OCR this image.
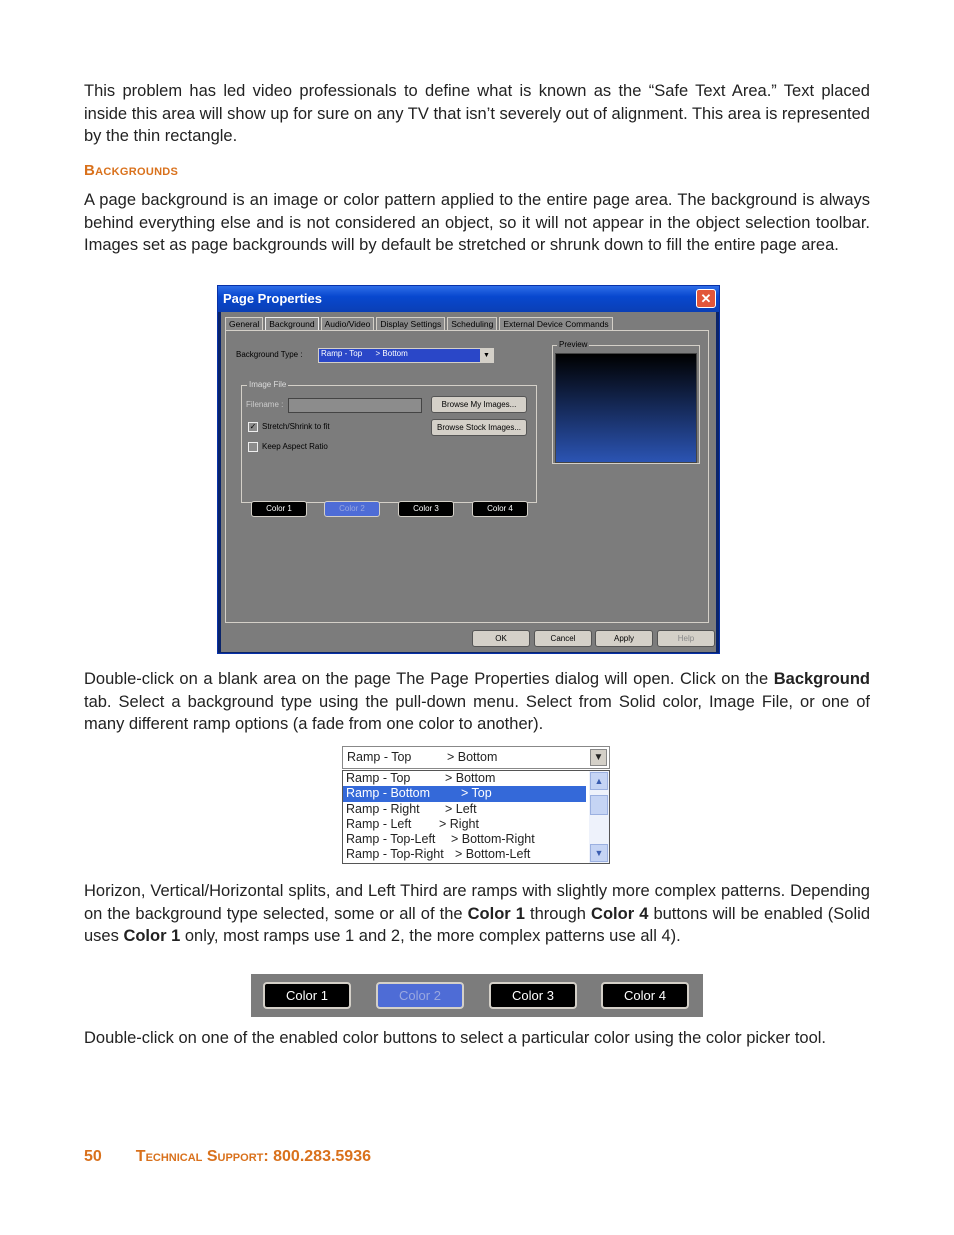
This problem has led video professionals to define what is known as the “Safe Text Area.” Text placed inside this area will show up for sure on any TV that isn’t severely out of alignment. This area is represented by the thin rectangle.
Backgrounds
A page background is an image or color pattern applied to the entire page area. The background is always behind everything else and is not considered an object, so it will not appear in the object selection toolbar. Images set as page backgrounds will by default be stretched or shrunk down to fill the entire page area.
Page Properties	✕
General	Background	Audio/Video	Display Settings	Scheduling	External Device Commands
Background Type :	Ramp - Top      > Bottom	▼
Image File
Filename :	Browse My Images...
Browse Stock Images...
✓ Stretch/Shrink to fit
Keep Aspect Ratio
Preview
Color 1	Color 2	Color 3	Color 4
OK	Cancel	Apply	Help
Double-click on a blank area on the page The Page Properties dialog will open. Click on the Background tab. Select a background type using the pull-down menu. Select from Solid color, Image File, or one of many different ramp options (a fade from one color to another).
Ramp - Top	> Bottom	▼
Ramp - Top	> Bottom
Ramp - Bottom > Top
Ramp - Right > Left
Ramp - Left > Right
Ramp - Top-Left > Bottom-Right
Ramp - Top-Right > Bottom-Left
▲
▼
Horizon, Vertical/Horizontal splits, and Left Third are ramps with slightly more complex patterns. Depending on the background type selected, some or all of the Color 1 through Color 4 buttons will be enabled (Solid uses Color 1 only, most ramps use 1 and 2, the more complex patterns use all 4).
Color 1	Color 2	Color 3	Color 4
Double-click on one of the enabled color buttons to select a particular color using the color picker tool.
50 Technical Support: 800.283.5936
